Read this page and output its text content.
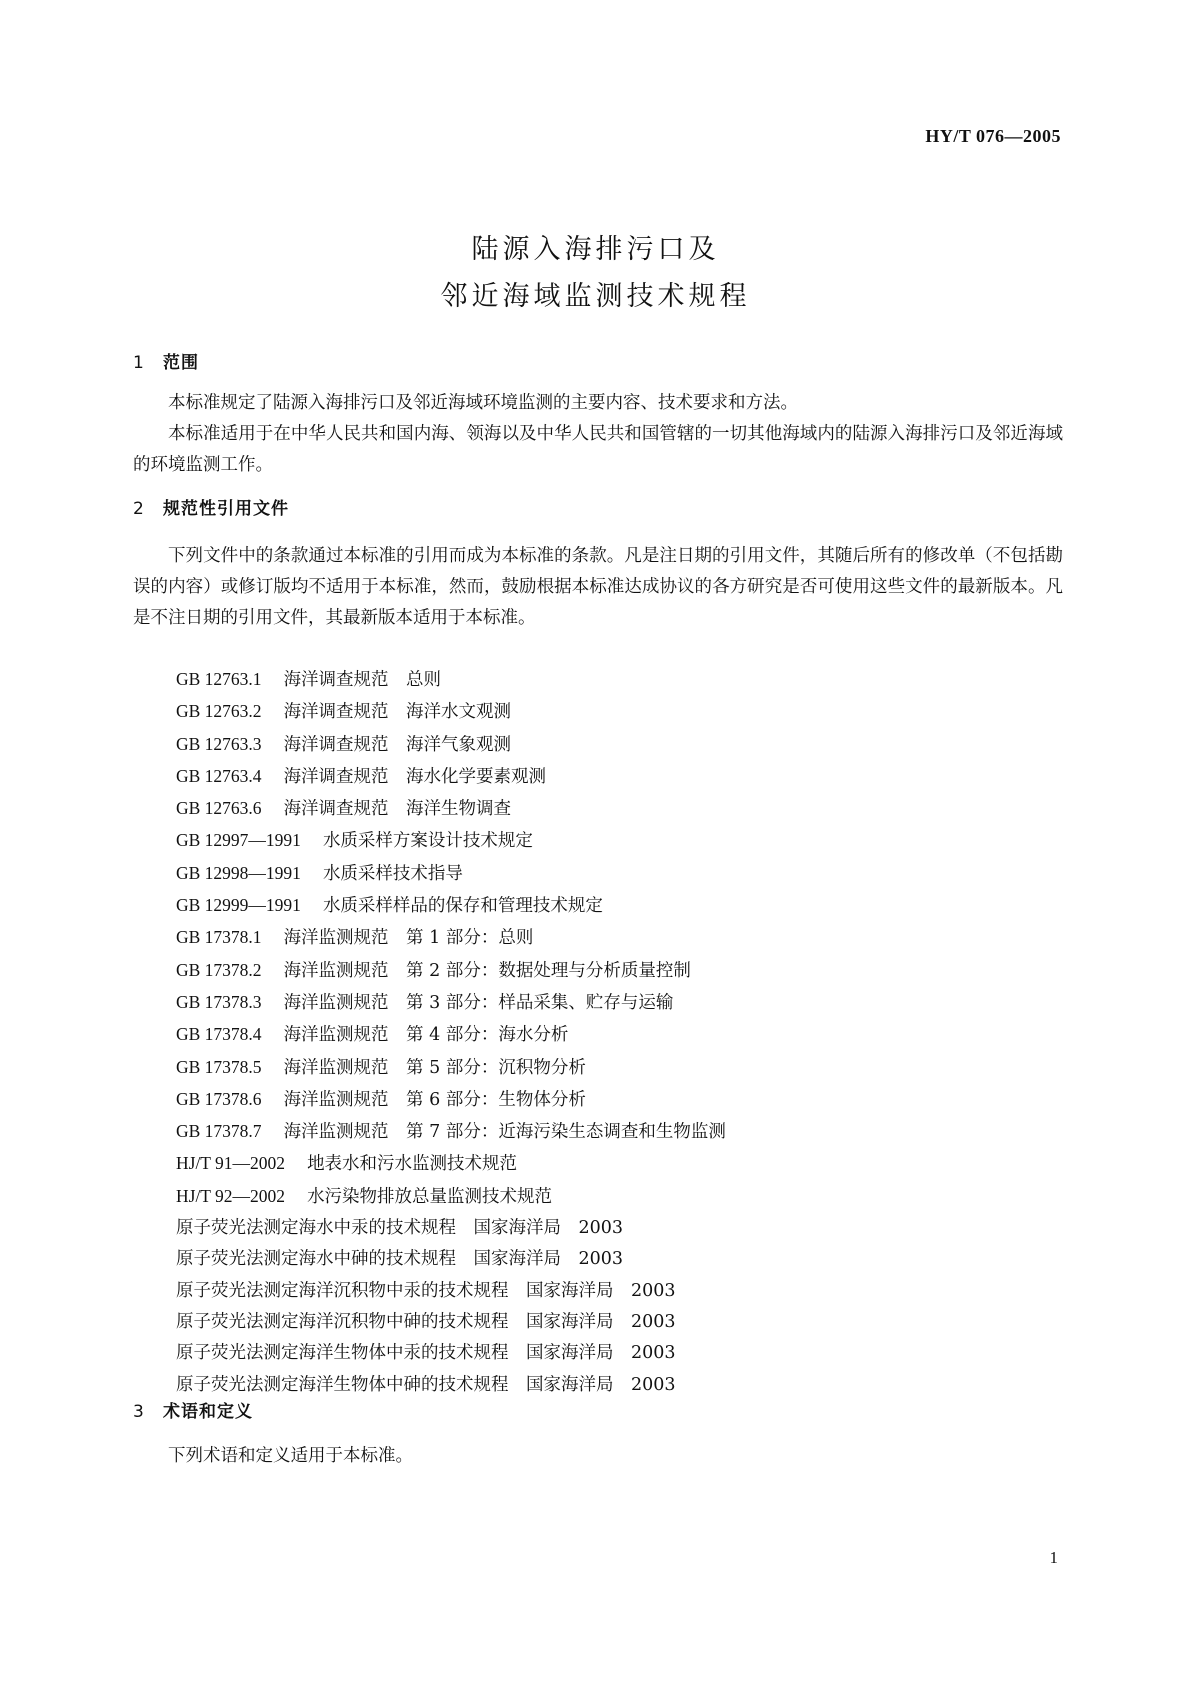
HY/T 076—2005
陆源入海排污口及
邻近海域监测技术规程
1 范围

本标准规定了陆源入海排污口及邻近海域环境监测的主要内容、技术要求和方法。

本标准适用于在中华人民共和国内海、领海以及中华人民共和国管辖的一切其他海域内的陆源入海排污口及邻近海域的环境监测工作。

2 规范性引用文件

下列文件中的条款通过本标准的引用而成为本标准的条款。凡是注日期的引用文件，其随后所有的修改单（不包括勘误的内容）或修订版均不适用于本标准，然而，鼓励根据本标准达成协议的各方研究是否可使用这些文件的最新版本。凡是不注日期的引用文件，其最新版本适用于本标准。

GB 12763.1 海洋调查规范　总则
GB 12763.2 海洋调查规范　海洋水文观测
GB 12763.3 海洋调查规范　海洋气象观测
GB 12763.4 海洋调查规范　海水化学要素观测
GB 12763.6 海洋调查规范　海洋生物调查
GB 12997—1991 水质采样方案设计技术规定
GB 12998—1991 水质采样技术指导
GB 12999—1991 水质采样样品的保存和管理技术规定
GB 17378.1 海洋监测规范　第 1 部分：总则
GB 17378.2 海洋监测规范　第 2 部分：数据处理与分析质量控制
GB 17378.3 海洋监测规范　第 3 部分：样品采集、贮存与运输
GB 17378.4 海洋监测规范　第 4 部分：海水分析
GB 17378.5 海洋监测规范　第 5 部分：沉积物分析
GB 17378.6 海洋监测规范　第 6 部分：生物体分析
GB 17378.7 海洋监测规范　第 7 部分：近海污染生态调查和生物监测
HJ/T 91—2002 地表水和污水监测技术规范
HJ/T 92—2002 水污染物排放总量监测技术规范
原子荧光法测定海水中汞的技术规程　国家海洋局　2003
原子荧光法测定海水中砷的技术规程　国家海洋局　2003
原子荧光法测定海洋沉积物中汞的技术规程　国家海洋局　2003
原子荧光法测定海洋沉积物中砷的技术规程　国家海洋局　2003
原子荧光法测定海洋生物体中汞的技术规程　国家海洋局　2003
原子荧光法测定海洋生物体中砷的技术规程　国家海洋局　2003
3 术语和定义

下列术语和定义适用于本标准。

1
